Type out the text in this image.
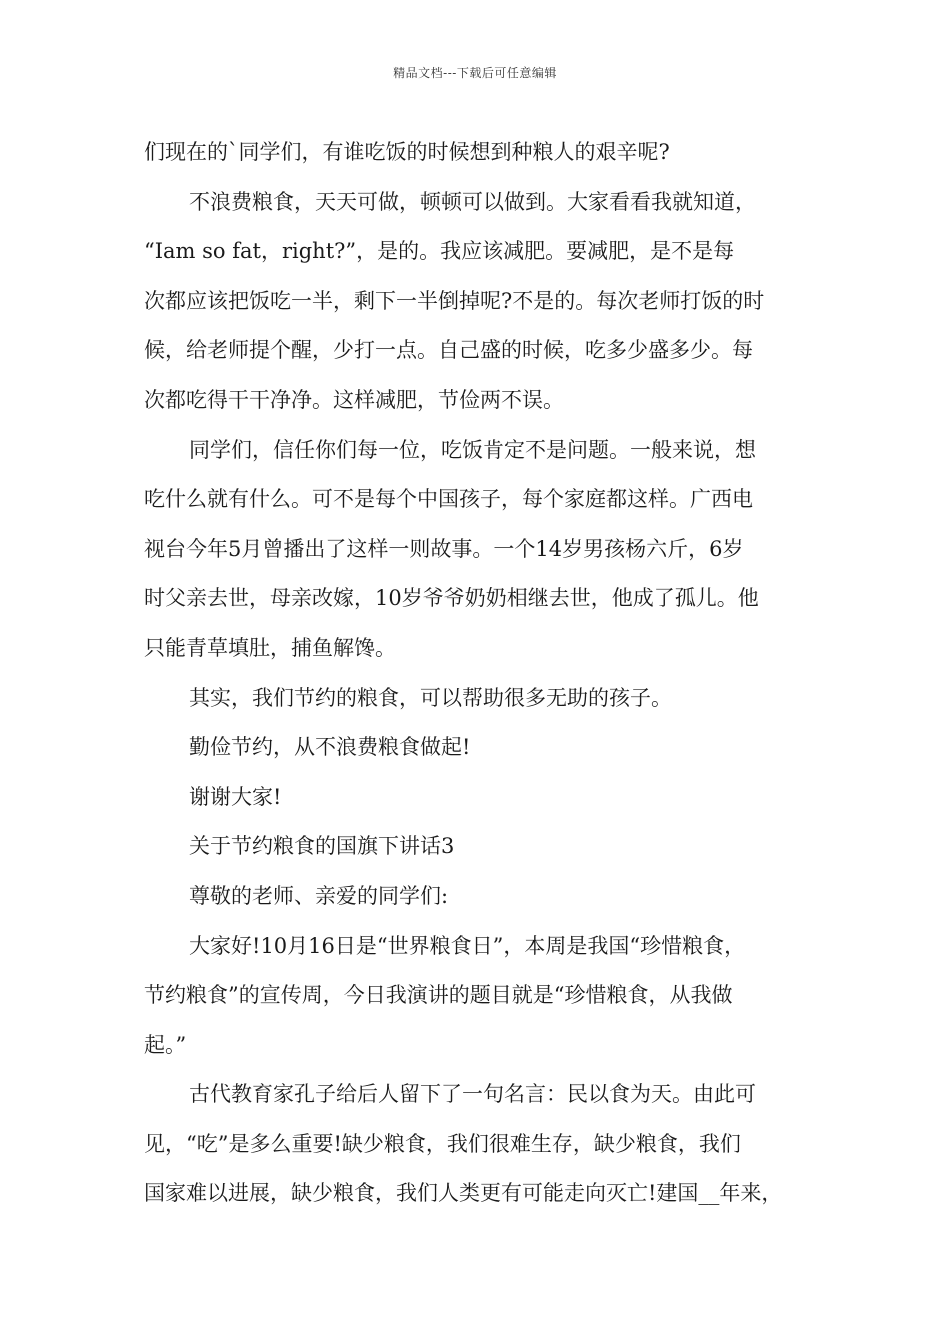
精品文档---下载后可任意编辑
们现在的`同学们，有谁吃饭的时候想到种粮人的艰辛呢?
不浪费粮食，天天可做，顿顿可以做到。大家看看我就知道，
“Iam so fat，right?”，是的。我应该减肥。要减肥，是不是每
次都应该把饭吃一半，剩下一半倒掉呢?不是的。每次老师打饭的时
候，给老师提个醒，少打一点。自己盛的时候，吃多少盛多少。每
次都吃得干干净净。这样减肥，节俭两不误。
同学们，信任你们每一位，吃饭肯定不是问题。一般来说，想
吃什么就有什么。可不是每个中国孩子，每个家庭都这样。广西电
视台今年5月曾播出了这样一则故事。一个14岁男孩杨六斤，6岁
时父亲去世，母亲改嫁，10岁爷爷奶奶相继去世，他成了孤儿。他
只能青草填肚，捕鱼解馋。
其实，我们节约的粮食，可以帮助很多无助的孩子。
勤俭节约，从不浪费粮食做起!
谢谢大家!
关于节约粮食的国旗下讲话3
尊敬的老师、亲爱的同学们:
大家好!10月16日是“世界粮食日”，本周是我国“珍惜粮食，
节约粮食”的宣传周，今日我演讲的题目就是“珍惜粮食，从我做
起。”
古代教育家孔子给后人留下了一句名言：民以食为天。由此可
见，“吃”是多么重要!缺少粮食，我们很难生存，缺少粮食，我们
国家难以进展，缺少粮食，我们人类更有可能走向灭亡!建国__年来，
